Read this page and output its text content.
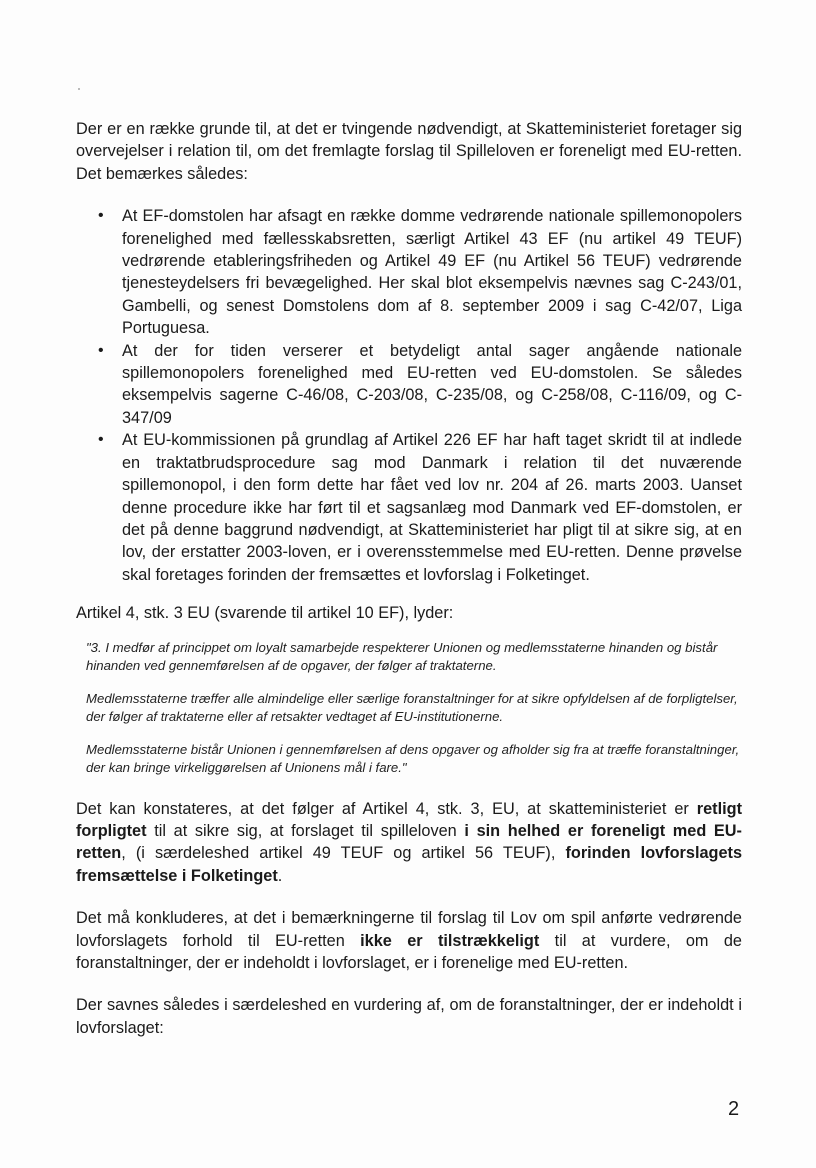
Der er en række grunde til, at det er tvingende nødvendigt, at Skatteministeriet foretager sig overvejelser i relation til, om det fremlagte forslag til Spilleloven er foreneligt med EU-retten. Det bemærkes således:

• At EF-domstolen har afsagt en række domme vedrørende nationale spillemonopolers forenelighed med fællesskabsretten, særligt Artikel 43 EF (nu artikel 49 TEUF) vedrørende etableringsfriheden og Artikel 49 EF (nu Artikel 56 TEUF) vedrørende tjenesteydelsers fri bevægelighed. Her skal blot eksempelvis nævnes sag C-243/01, Gambelli, og senest Domstolens dom af 8. september 2009 i sag C-42/07, Liga Portuguesa.
• At der for tiden verserer et betydeligt antal sager angående nationale spillemonopolers forenelighed med EU-retten ved EU-domstolen. Se således eksempelvis sagerne C-46/08, C-203/08, C-235/08, og C-258/08, C-116/09, og C-347/09
• At EU-kommissionen på grundlag af Artikel 226 EF har haft taget skridt til at indlede en traktatbrudsprocedure sag mod Danmark i relation til det nuværende spillemonopol, i den form dette har fået ved lov nr. 204 af 26. marts 2003. Uanset denne procedure ikke har ført til et sagsanlæg mod Danmark ved EF-domstolen, er det på denne baggrund nødvendigt, at Skatteministeriet har pligt til at sikre sig, at en lov, der erstatter 2003-loven, er i overensstemmelse med EU-retten. Denne prøvelse skal foretages forinden der fremsættes et lovforslag i Folketinget.

Artikel 4, stk. 3 EU (svarende til artikel 10 EF), lyder:

"3. I medfør af princippet om loyalt samarbejde respekterer Unionen og medlemsstaterne hinanden og bistår hinanden ved gennemførelsen af de opgaver, der følger af traktaterne.

Medlemsstaterne træffer alle almindelige eller særlige foranstaltninger for at sikre opfyldelsen af de forpligtelser, der følger af traktaterne eller af retsakter vedtaget af EU-institutionerne.

Medlemsstaterne bistår Unionen i gennemførelsen af dens opgaver og afholder sig fra at træffe foranstaltninger, der kan bringe virkeliggørelsen af Unionens mål i fare."

Det kan konstateres, at det følger af Artikel 4, stk. 3, EU, at skatteministeriet er retligt forpligtet til at sikre sig, at forslaget til spilleloven i sin helhed er foreneligt med EU-retten, (i særdeleshed artikel 49 TEUF og artikel 56 TEUF), forinden lovforslagets fremsættelse i Folketinget.

Det må konkluderes, at det i bemærkningerne til forslag til Lov om spil anførte vedrørende lovforslagets forhold til EU-retten ikke er tilstrækkeligt til at vurdere, om de foranstaltninger, der er indeholdt i lovforslaget, er i forenelige med EU-retten.

Der savnes således i særdeleshed en vurdering af, om de foranstaltninger, der er indeholdt i lovforslaget:

2
